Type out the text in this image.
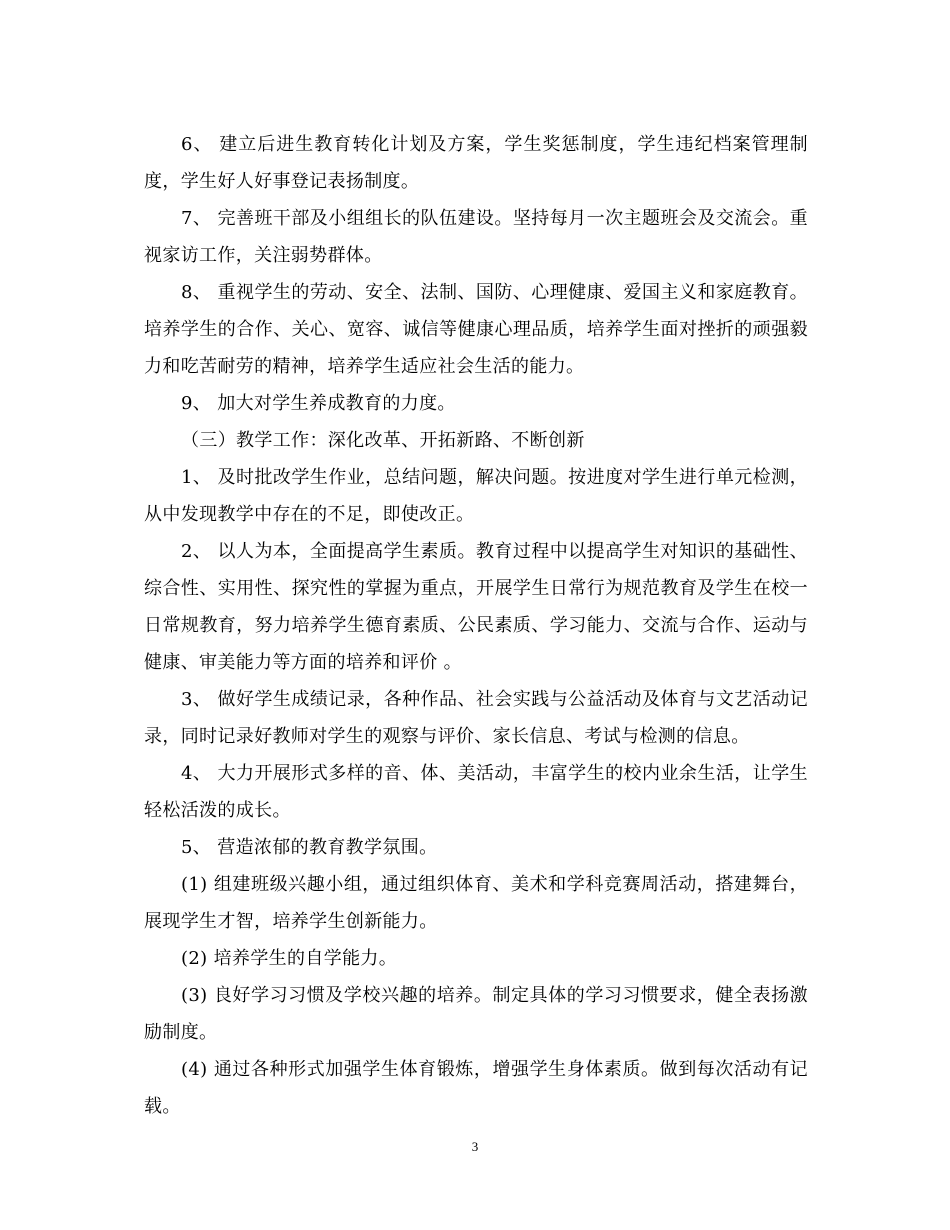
6、 建立后进生教育转化计划及方案，学生奖惩制度，学生违纪档案管理制度，学生好人好事登记表扬制度。

7、 完善班干部及小组组长的队伍建设。坚持每月一次主题班会及交流会。重视家访工作，关注弱势群体。

8、 重视学生的劳动、安全、法制、国防、心理健康、爱国主义和家庭教育。培养学生的合作、关心、宽容、诚信等健康心理品质，培养学生面对挫折的顽强毅力和吃苦耐劳的精神，培养学生适应社会生活的能力。

9、 加大对学生养成教育的力度。

（三）教学工作：深化改革、开拓新路、不断创新

1、 及时批改学生作业，总结问题，解决问题。按进度对学生进行单元检测，从中发现教学中存在的不足，即使改正。

2、 以人为本，全面提高学生素质。教育过程中以提高学生对知识的基础性、综合性、实用性、探究性的掌握为重点，开展学生日常行为规范教育及学生在校一日常规教育，努力培养学生德育素质、公民素质、学习能力、交流与合作、运动与健康、审美能力等方面的培养和评价 。

3、 做好学生成绩记录，各种作品、社会实践与公益活动及体育与文艺活动记录，同时记录好教师对学生的观察与评价、家长信息、考试与检测的信息。

4、 大力开展形式多样的音、体、美活动，丰富学生的校内业余生活，让学生轻松活泼的成长。

5、 营造浓郁的教育教学氛围。

(1) 组建班级兴趣小组，通过组织体育、美术和学科竞赛周活动，搭建舞台，展现学生才智，培养学生创新能力。

(2) 培养学生的自学能力。

(3) 良好学习习惯及学校兴趣的培养。制定具体的学习习惯要求，健全表扬激励制度。

(4) 通过各种形式加强学生体育锻炼，增强学生身体素质。做到每次活动有记载。

3
